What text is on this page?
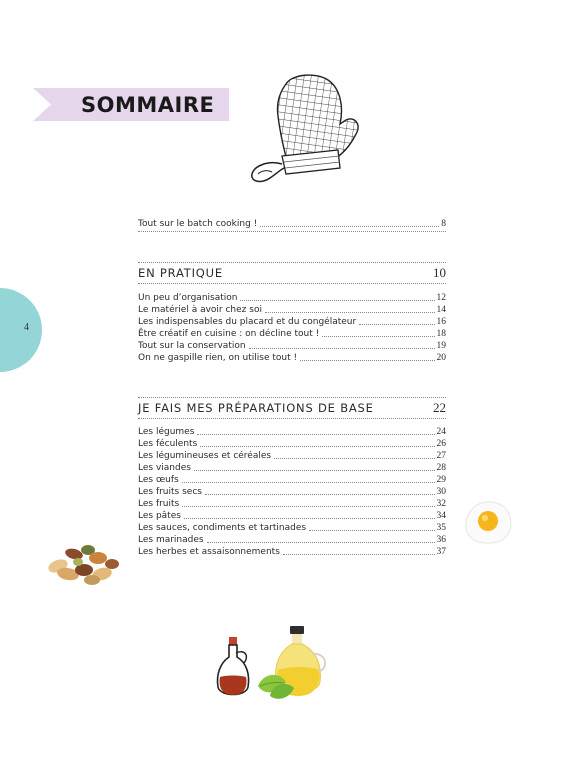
SOMMAIRE
Tout sur le batch cooking !	8
EN PRATIQUE	10
Un peu d’organisation	12
Le matériel à avoir chez soi	14
Les indispensables du placard et du congélateur	16
Être créatif en cuisine : on décline tout !	18
Tout sur la conservation	19
On ne gaspille rien, on utilise tout !	20
JE FAIS MES PRÉPARATIONS DE BASE	22
Les légumes	24
Les féculents	26
Les légumineuses et céréales	27
Les viandes	28
Les œufs	29
Les fruits secs	30
Les fruits	32
Les pâtes	34
Les sauces, condiments et tartinades	35
Les marinades	36
Les herbes et assaisonnements	37
4
